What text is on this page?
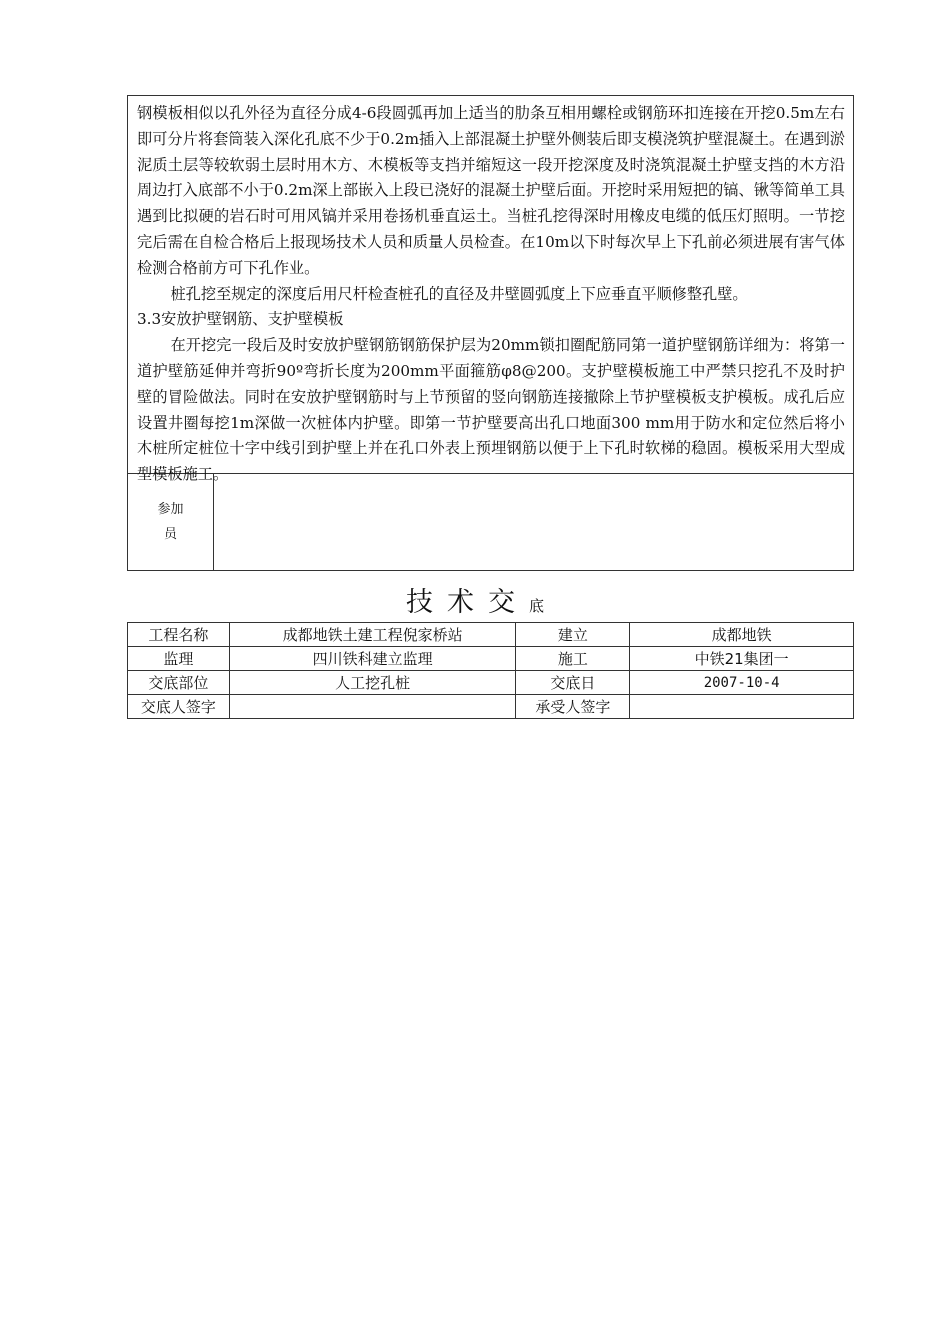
钢模板相似以孔外径为直径分成4-6段圆弧再加上适当的肋条互相用螺栓或钢筋环扣连接在开挖0.5m左右即可分片将套筒装入深化孔底不少于0.2m插入上部混凝土护壁外侧装后即支模浇筑护壁混凝土。在遇到淤泥质土层等较软弱土层时用木方、木模板等支挡并缩短这一段开挖深度及时浇筑混凝土护壁支挡的木方沿周边打入底部不小于0.2m深上部嵌入上段已浇好的混凝土护壁后面。开挖时采用短把的镐、锹等简单工具遇到比拟硬的岩石时可用风镐并采用卷扬机垂直运土。当桩孔挖得深时用橡皮电缆的低压灯照明。一节挖完后需在自检合格后上报现场技术人员和质量人员检查。在10m以下时每次早上下孔前必须进展有害气体检测合格前方可下孔作业。

桩孔挖至规定的深度后用尺杆检查桩孔的直径及井壁圆弧度上下应垂直平顺修整孔壁。

3.3安放护壁钢筋、支护壁模板

在开挖完一段后及时安放护壁钢筋钢筋保护层为20mm锁扣圈配筋同第一道护壁钢筋详细为：将第一道护壁筋延伸并弯折90º弯折长度为200mm平面箍筋φ8@200。支护壁模板施工中严禁只挖孔不及时护壁的冒险做法。同时在安放护壁钢筋时与上节预留的竖向钢筋连接撤除上节护壁模板支护模板。成孔后应设置井圈每挖1m深做一次桩体内护壁。即第一节护壁要高出孔口地面300 mm用于防水和定位然后将小木桩所定桩位十字中线引到护壁上并在孔口外表上预埋钢筋以便于上下孔时软梯的稳固。模板采用大型成型模板施工。

参加
员
技术交底
工程名称	成都地铁土建工程倪家桥站	建立	成都地铁
监理	四川铁科建立监理	施工	中铁21集团一
交底部位	人工挖孔桩	交底日	2007-10-4
交底人签字		承受人签字	
